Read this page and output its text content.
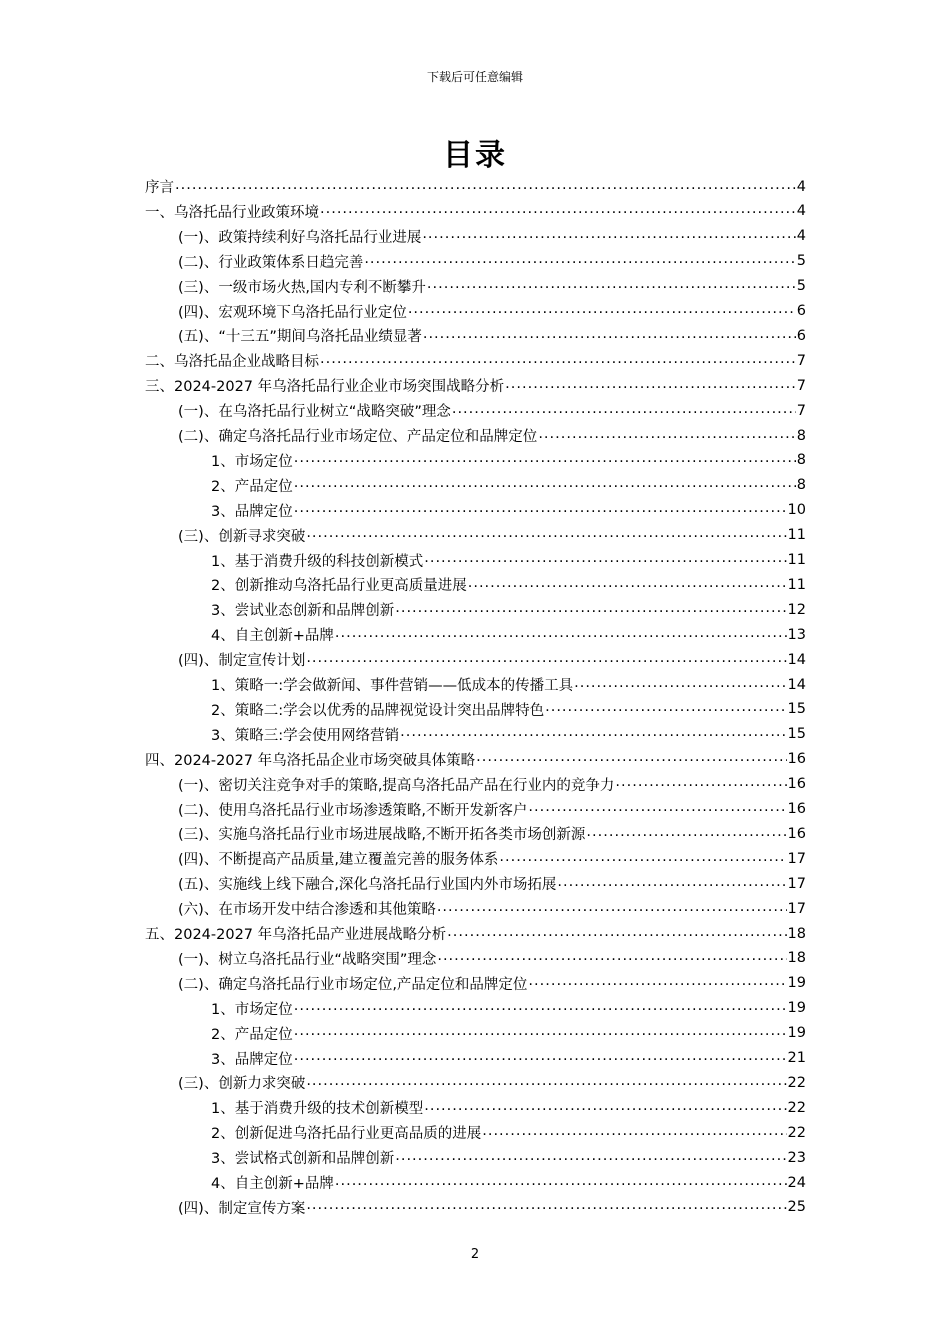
下载后可任意编辑
目录
序言 .....	4
一、乌洛托品行业政策环境 .....	4
(一)、政策持续利好乌洛托品行业进展 .....	4
(二)、行业政策体系日趋完善 .....	5
(三)、一级市场火热,国内专利不断攀升 .....	5
(四)、宏观环境下乌洛托品行业定位 .....	6
(五)、“十三五”期间乌洛托品业绩显著 .....	6
二、乌洛托品企业战略目标 .....	7
三、2024-2027 年乌洛托品行业企业市场突围战略分析 .....	7
(一)、在乌洛托品行业树立“战略突破”理念 .....	7
(二)、确定乌洛托品行业市场定位、产品定位和品牌定位 .....	8
1、市场定位 .....	8
2、产品定位 .....	8
3、品牌定位 .....	10
(三)、创新寻求突破 .....	11
1、基于消费升级的科技创新模式 .....	11
2、创新推动乌洛托品行业更高质量进展 .....	11
3、尝试业态创新和品牌创新 .....	12
4、自主创新+品牌 .....	13
(四)、制定宣传计划 .....	14
1、策略一:学会做新闻、事件营销——低成本的传播工具 .....	14
2、策略二:学会以优秀的品牌视觉设计突出品牌特色 .....	15
3、策略三:学会使用网络营销 .....	15
四、2024-2027 年乌洛托品企业市场突破具体策略 .....	16
(一)、密切关注竞争对手的策略,提高乌洛托品产品在行业内的竞争力 .....	16
(二)、使用乌洛托品行业市场渗透策略,不断开发新客户 .....	16
(三)、实施乌洛托品行业市场进展战略,不断开拓各类市场创新源 .....	16
(四)、不断提高产品质量,建立覆盖完善的服务体系 .....	17
(五)、实施线上线下融合,深化乌洛托品行业国内外市场拓展 .....	17
(六)、在市场开发中结合渗透和其他策略 .....	17
五、2024-2027 年乌洛托品产业进展战略分析 .....	18
(一)、树立乌洛托品行业“战略突围”理念 .....	18
(二)、确定乌洛托品行业市场定位,产品定位和品牌定位 .....	19
1、市场定位 .....	19
2、产品定位 .....	19
3、品牌定位 .....	21
(三)、创新力求突破 .....	22
1、基于消费升级的技术创新模型 .....	22
2、创新促进乌洛托品行业更高品质的进展 .....	22
3、尝试格式创新和品牌创新 .....	23
4、自主创新+品牌 .....	24
(四)、制定宣传方案 .....	25
2
